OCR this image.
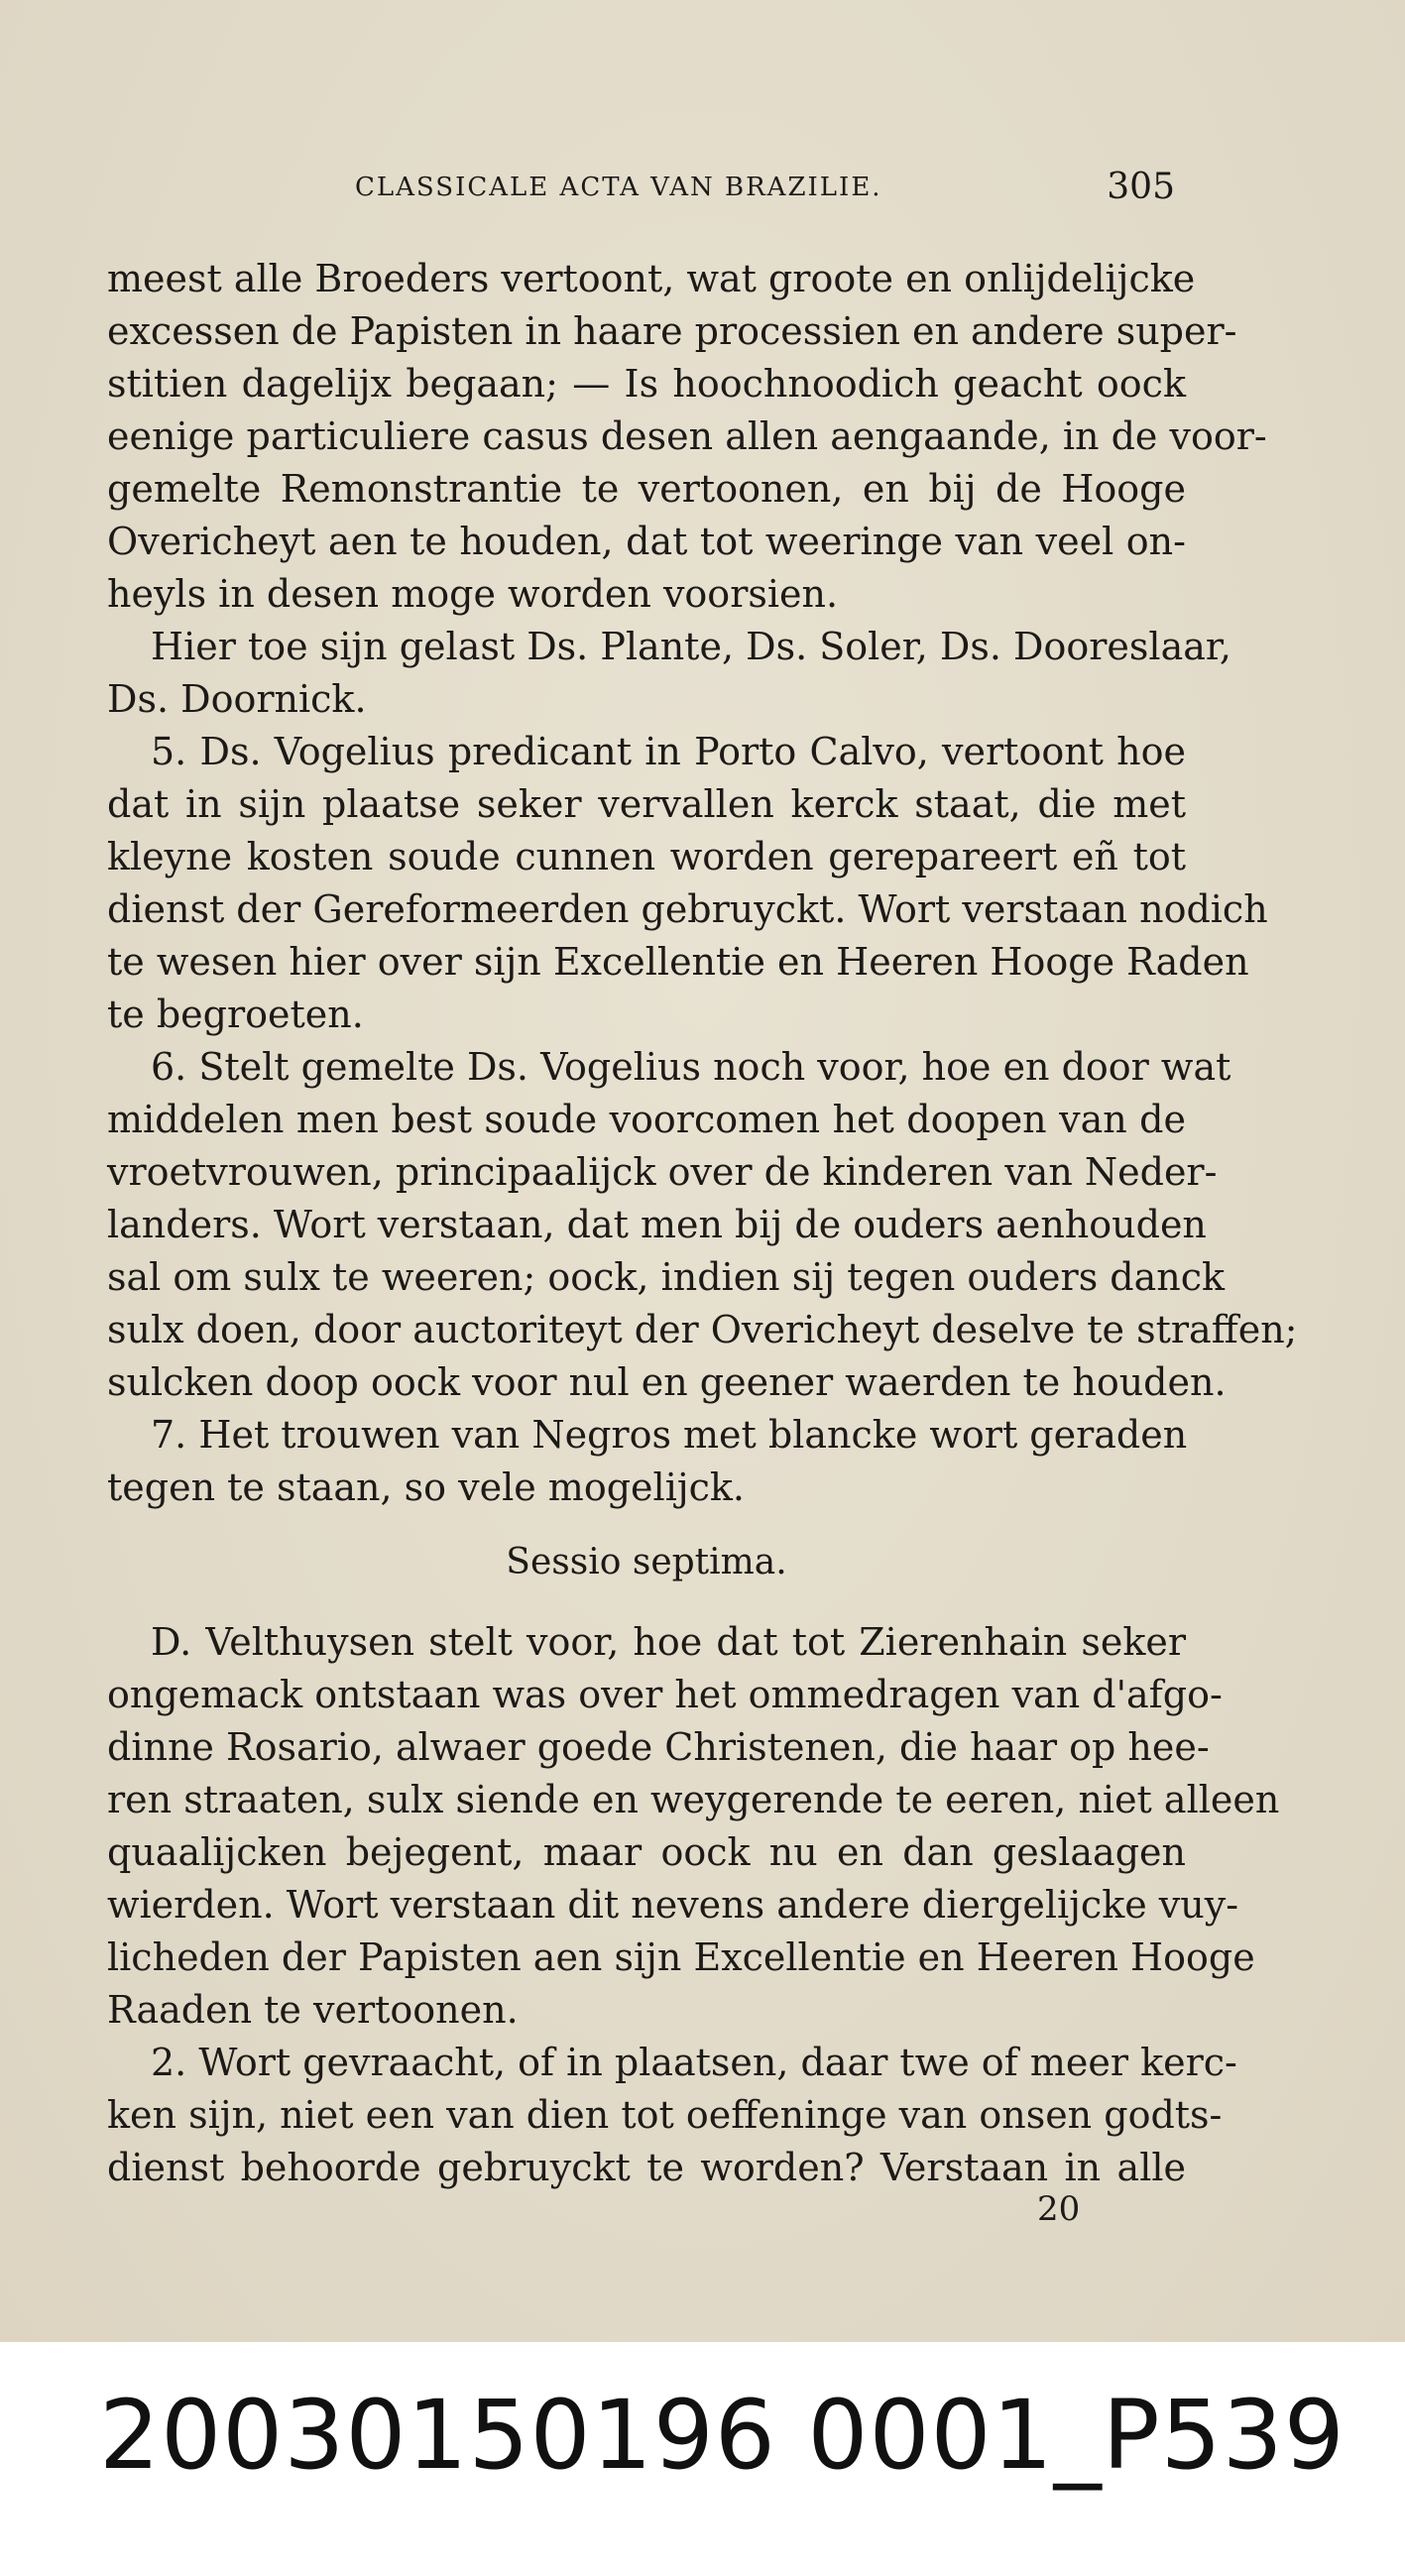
CLASSICALE ACTA VAN BRAZILIE.	305
meest alle Broeders vertoont, wat groote en onlijdelijcke
excessen de Papisten in haare processien en andere super-
stitien dagelijx begaan; — Is hoochnoodich geacht oock
eenige particuliere casus desen allen aengaande, in de voor-
gemelte Remonstrantie te vertoonen, en bij de Hooge
Overicheyt aen te houden, dat tot weeringe van veel on-
heyls in desen moge worden voorsien.
Hier toe sijn gelast Ds. Plante, Ds. Soler, Ds. Dooreslaar,
Ds. Doornick.
5. Ds. Vogelius predicant in Porto Calvo, vertoont hoe
dat in sijn plaatse seker vervallen kerck staat, die met
kleyne kosten soude cunnen worden gerepareert eñ tot
dienst der Gereformeerden gebruyckt. Wort verstaan nodich
te wesen hier over sijn Excellentie en Heeren Hooge Raden
te begroeten.
6. Stelt gemelte Ds. Vogelius noch voor, hoe en door wat
middelen men best soude voorcomen het doopen van de
vroetvrouwen, principaalijck over de kinderen van Neder-
landers. Wort verstaan, dat men bij de ouders aenhouden
sal om sulx te weeren; oock, indien sij tegen ouders danck
sulx doen, door auctoriteyt der Overicheyt deselve te straffen;
sulcken doop oock voor nul en geener waerden te houden.
7. Het trouwen van Negros met blancke wort geraden
tegen te staan, so vele mogelijck.
Sessio septima.
D. Velthuysen stelt voor, hoe dat tot Zierenhain seker
ongemack ontstaan was over het ommedragen van d'afgo-
dinne Rosario, alwaer goede Christenen, die haar op hee-
ren straaten, sulx siende en weygerende te eeren, niet alleen
quaalijcken bejegent, maar oock nu en dan geslaagen
wierden. Wort verstaan dit nevens andere diergelijcke vuy-
licheden der Papisten aen sijn Excellentie en Heeren Hooge
Raaden te vertoonen.
2. Wort gevraacht, of in plaatsen, daar twe of meer kerc-
ken sijn, niet een van dien tot oeffeninge van onsen godts-
dienst behoorde gebruyckt te worden? Verstaan in alle
20
20030150196 0001_P539
